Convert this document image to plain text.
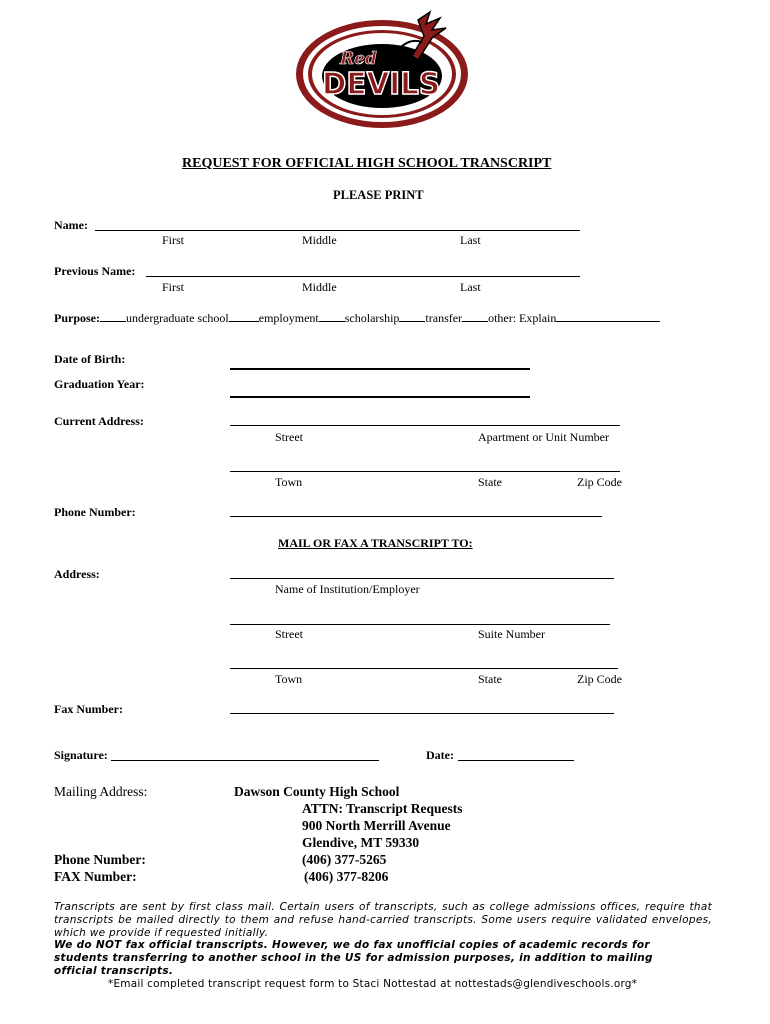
Red
DEVILS
REQUEST FOR OFFICIAL HIGH SCHOOL TRANSCRIPT
PLEASE PRINT
Name:
First	Middle	Last
Previous Name:
First	Middle	Last
Purpose: undergraduate school	employment scholarship transfer other: Explain
Date of Birth:
Graduation Year:
Current Address:
Street	Apartment or Unit Number
Town	State	Zip Code
Phone Number:
MAIL OR FAX A TRANSCRIPT TO:
Address:
Name of Institution/Employer
Street	Suite Number
Town	State	Zip Code
Fax Number:
Signature:	Date:
Mailing Address:	Dawson County High School
ATTN: Transcript Requests
900 North Merrill Avenue
Glendive, MT 59330
Phone Number:	(406) 377-5265
FAX Number:	(406) 377-8206
Transcripts are sent by first class mail. Certain users of transcripts, such as college admissions offices, require that transcripts be mailed directly to them and refuse hand-carried transcripts. Some users require validated envelopes, which we provide if requested initially.
We do NOT fax official transcripts. However, we do fax unofficial copies of academic records for students transferring to another school in the US for admission purposes, in addition to mailing official transcripts.
*Email completed transcript request form to Staci Nottestad at nottestads@glendiveschools.org*
